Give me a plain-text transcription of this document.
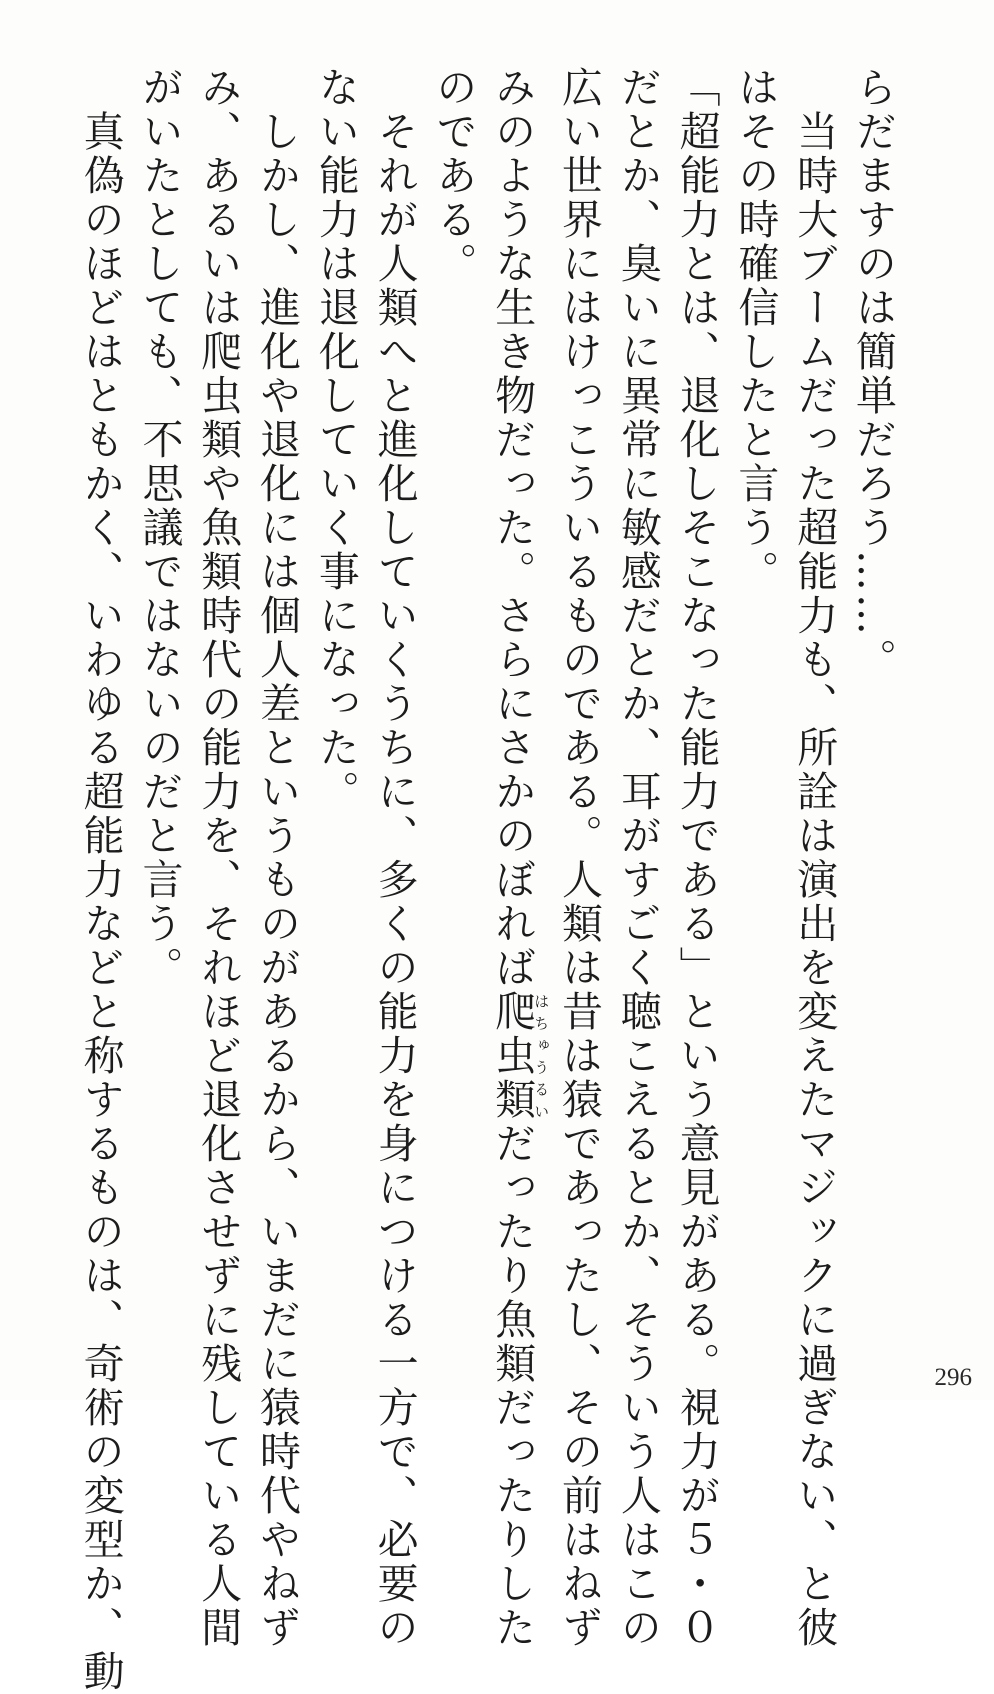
らだますのは簡単だろう……。
　当時大ブームだった超能力も、所詮は演出を変えたマジックに過ぎない、と彼
はその時確信したと言う。
「超能力とは、退化しそこなった能力である」という意見がある。視力が５・０
だとか、臭いに異常に敏感だとか、耳がすごく聴こえるとか、そういう人はこの
広い世界にはけっこういるものである。人類は昔は猿であったし、その前はねず
みのような生き物だった。さらにさかのぼれば爬虫類はちゅうるいだったり魚類だったりした
のである。
　それが人類へと進化していくうちに、多くの能力を身につける一方で、必要の
ない能力は退化していく事になった。
　しかし、進化や退化には個人差というものがあるから、いまだに猿時代やねず
み、あるいは爬虫類や魚類時代の能力を、それほど退化させずに残している人間
がいたとしても、不思議ではないのだと言う。
　真偽のほどはともかく、いわゆる超能力などと称するものは、奇術の変型か、動	296
